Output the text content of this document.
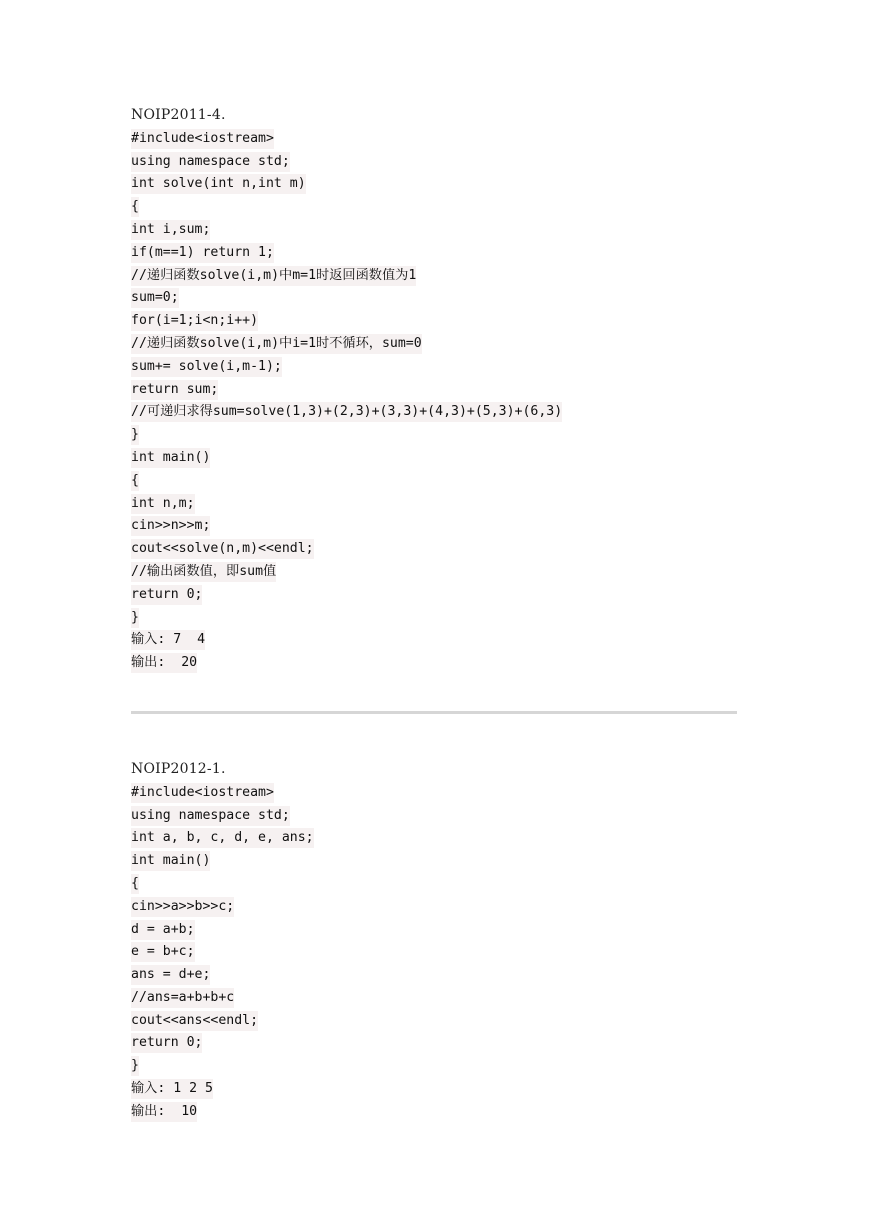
NOIP2011-4.
#include<iostream>
using namespace std;
int solve(int n,int m)
{
int i,sum;
if(m==1) return 1;
//递归函数solve(i,m)中m=1时返回函数值为1
sum=0;
for(i=1;i<n;i++)
//递归函数solve(i,m)中i=1时不循环，sum=0
sum+= solve(i,m-1);
return sum;
//可递归求得sum=solve(1,3)+(2,3)+(3,3)+(4,3)+(5,3)+(6,3)
}
int main()
{
int n,m;
cin>>n>>m;
cout<<solve(n,m)<<endl;
//输出函数值，即sum值
return 0;
}
输入: 7  4
输出:  20
NOIP2012-1.
#include<iostream>
using namespace std;
int a, b, c, d, e, ans;
int main()
{
cin>>a>>b>>c;
d = a+b;
e = b+c;
ans = d+e;
//ans=a+b+b+c
cout<<ans<<endl;
return 0;
}
输入: 1 2 5
输出:  10
